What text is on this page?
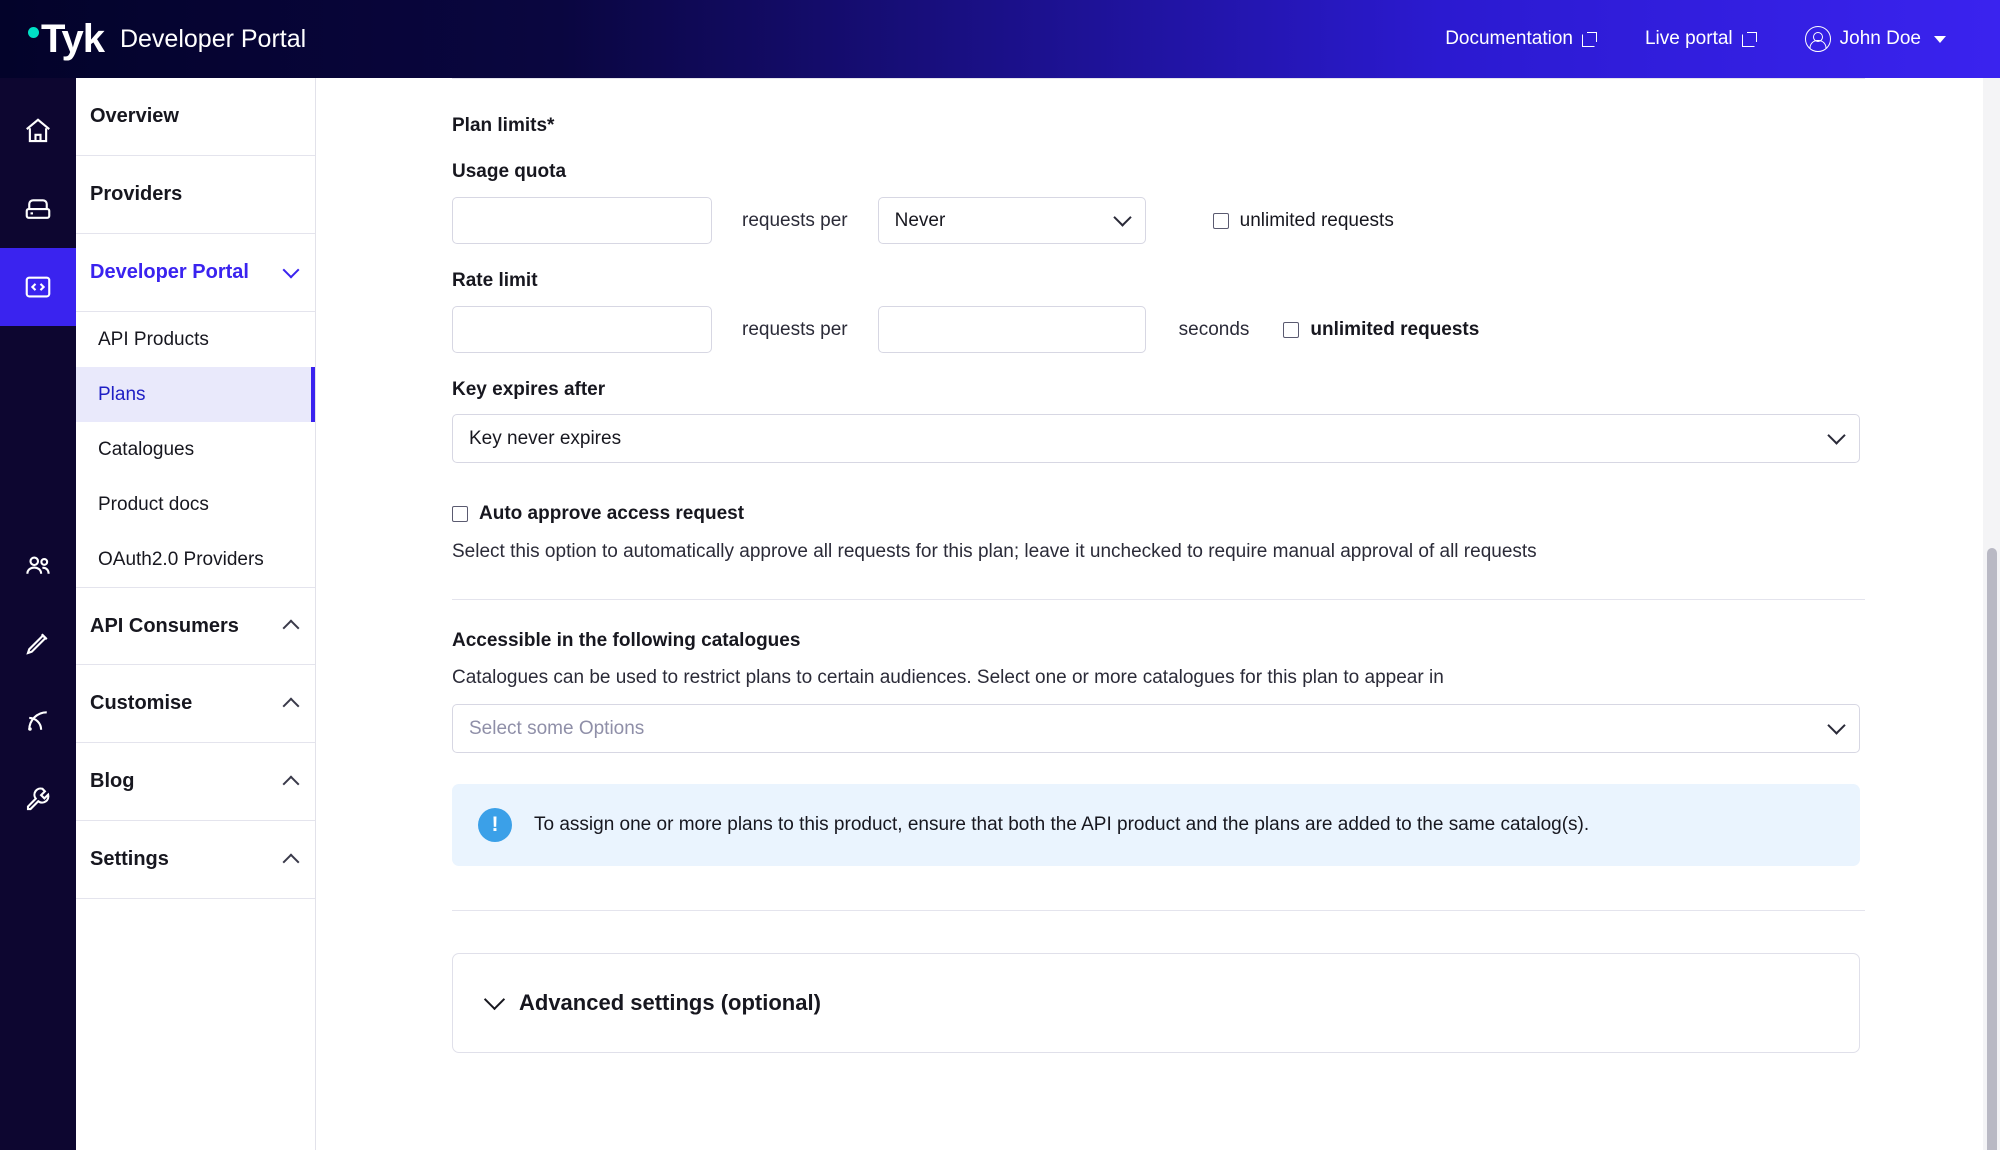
Tyk Developer Portal	Documentation	Live portal	John Doe
Overview
Providers
Developer Portal
API Products
Plans
Catalogues
Product docs
OAuth2.0 Providers
API Consumers
Customise
Blog
Settings
Plan limits*
Usage quota
requests per Never	unlimited requests
Rate limit
requests per	seconds	unlimited requests
Key expires after
Key never expires
Auto approve access request
Select this option to automatically approve all requests for this plan; leave it unchecked to require manual approval of all requests
Accessible in the following catalogues
Catalogues can be used to restrict plans to certain audiences. Select one or more catalogues for this plan to appear in
Select some Options
!	To assign one or more plans to this product, ensure that both the API product and the plans are added to the same catalog(s).
Advanced settings (optional)
